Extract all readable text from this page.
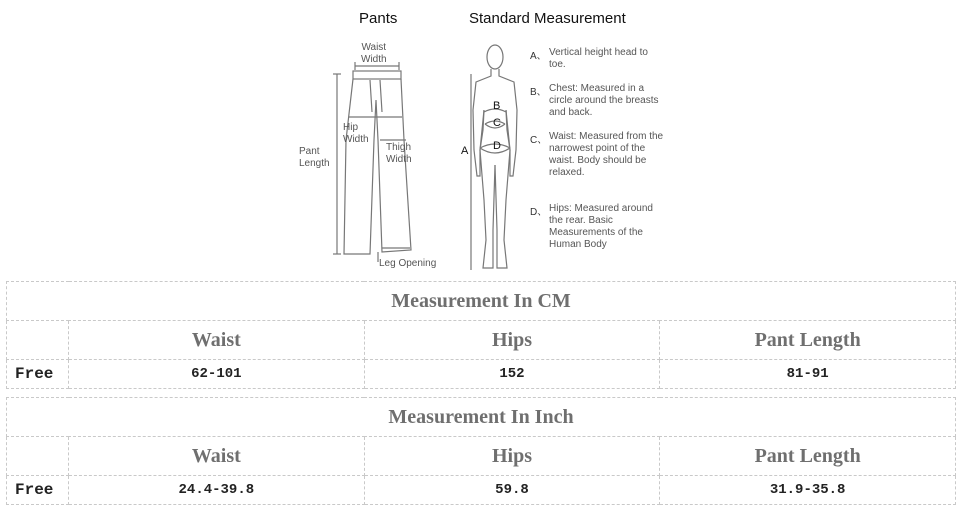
Pants	Standard Measurement
Waist
Width
Hip
Width
Thigh
Width
Pant
Length
Leg Opening
A
B
C
D
A、 Vertical height head to toe.
B、 Chest: Measured in a circle around the breasts and back.
C、 Waist: Measured from the narrowest point of the waist. Body should be relaxed.
D、 Hips: Measured around the rear. Basic Measurements of the Human Body
Measurement In CM			
	Waist	Hips	Pant Length
Free	62-101	152	81-91
Measurement In Inch			
	Waist	Hips	Pant Length
Free	24.4-39.8	59.8	31.9-35.8
